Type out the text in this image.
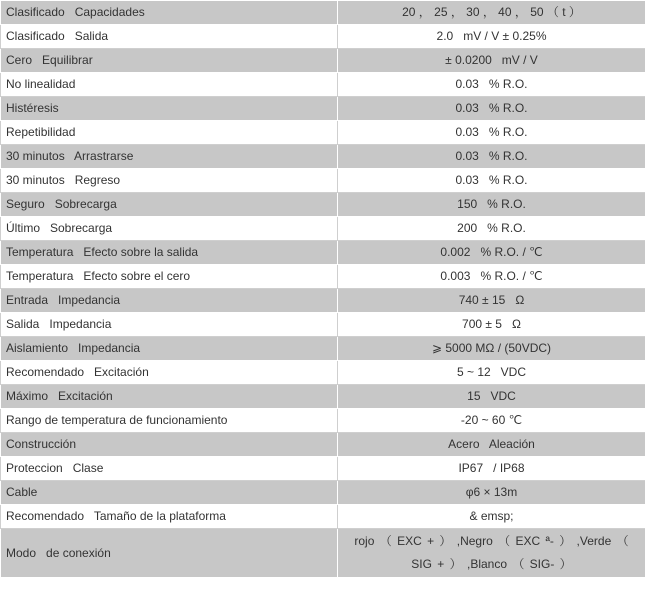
Clasificado   Capacidades	20 ， 25 ， 30 ， 40 ， 50 （ t ）
Clasificado   Salida	2.0   mV / V ± 0.25%
Cero   Equilibrar	± 0.0200   mV / V
No linealidad	0.03   % R.O.
Histéresis	0.03   % R.O.
Repetibilidad	0.03   % R.O.
30 minutos   Arrastrarse	0.03   % R.O.
30 minutos   Regreso	0.03   % R.O.
Seguro   Sobrecarga	150   % R.O.
Último   Sobrecarga	200   % R.O.
Temperatura   Efecto sobre la salida	0.002   % R.O. / ℃
Temperatura   Efecto sobre el cero	0.003   % R.O. / ℃
Entrada   Impedancia	740 ± 15   Ω
Salida   Impedancia	700 ± 5   Ω
Aislamiento   Impedancia	⩾ 5000 MΩ / (50VDC)
Recomendado   Excitación	5 ~ 12   VDC
Máximo   Excitación	15   VDC
Rango de temperatura de funcionamiento	-20 ~ 60 ℃
Construcción	Acero   Aleación
Proteccion   Clase	IP67   / IP68
Cable	φ6 × 13m
Recomendado   Tamaño de la plataforma	& emsp;
Modo   de conexión	rojo （ EXC + ） ,Negro （ EXC ª- ） ,Verde （ SIG + ） ,Blanco （ SIG- ）
